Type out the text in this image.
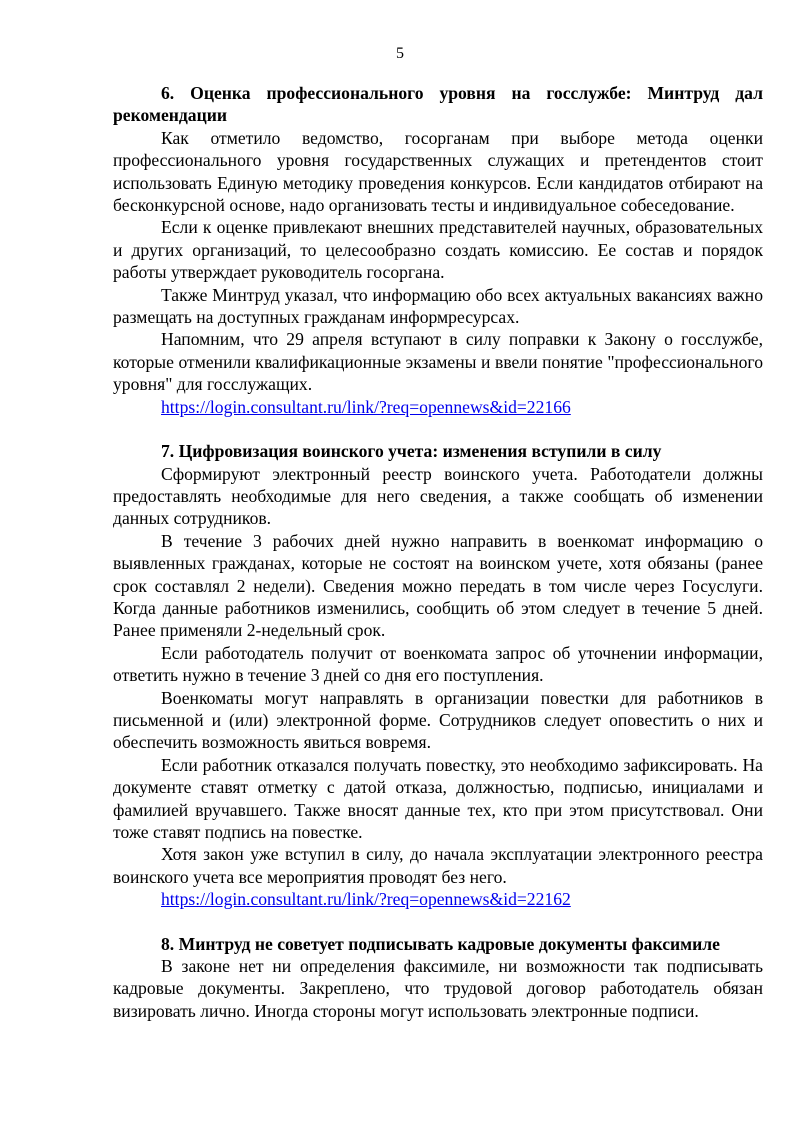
5

6. Оценка профессионального уровня на госслужбе: Минтруд дал рекомендации

Как отметило ведомство, госорганам при выборе метода оценки профессионального уровня государственных служащих и претендентов стоит использовать Единую методику проведения конкурсов. Если кандидатов отбирают на бесконкурсной основе, надо организовать тесты и индивидуальное собеседование.

Если к оценке привлекают внешних представителей научных, образовательных и других организаций, то целесообразно создать комиссию. Ее состав и порядок работы утверждает руководитель госоргана.

Также Минтруд указал, что информацию обо всех актуальных вакансиях важно размещать на доступных гражданам информресурсах.

Напомним, что 29 апреля вступают в силу поправки к Закону о госслужбе, которые отменили квалификационные экзамены и ввели понятие "профессионального уровня" для госслужащих.

https://login.consultant.ru/link/?req=opennews&id=22166

7. Цифровизация воинского учета: изменения вступили в силу

Сформируют электронный реестр воинского учета. Работодатели должны предоставлять необходимые для него сведения, а также сообщать об изменении данных сотрудников.

В течение 3 рабочих дней нужно направить в военкомат информацию о выявленных гражданах, которые не состоят на воинском учете, хотя обязаны (ранее срок составлял 2 недели). Сведения можно передать в том числе через Госуслуги. Когда данные работников изменились, сообщить об этом следует в течение 5 дней. Ранее применяли 2-недельный срок.

Если работодатель получит от военкомата запрос об уточнении информации, ответить нужно в течение 3 дней со дня его поступления.

Военкоматы могут направлять в организации повестки для работников в письменной и (или) электронной форме. Сотрудников следует оповестить о них и обеспечить возможность явиться вовремя.

Если работник отказался получать повестку, это необходимо зафиксировать. На документе ставят отметку с датой отказа, должностью, подписью, инициалами и фамилией вручавшего. Также вносят данные тех, кто при этом присутствовал. Они тоже ставят подпись на повестке.

Хотя закон уже вступил в силу, до начала эксплуатации электронного реестра воинского учета все мероприятия проводят без него.

https://login.consultant.ru/link/?req=opennews&id=22162

8. Минтруд не советует подписывать кадровые документы факсимиле

В законе нет ни определения факсимиле, ни возможности так подписывать кадровые документы. Закреплено, что трудовой договор работодатель обязан визировать лично. Иногда стороны могут использовать электронные подписи.
